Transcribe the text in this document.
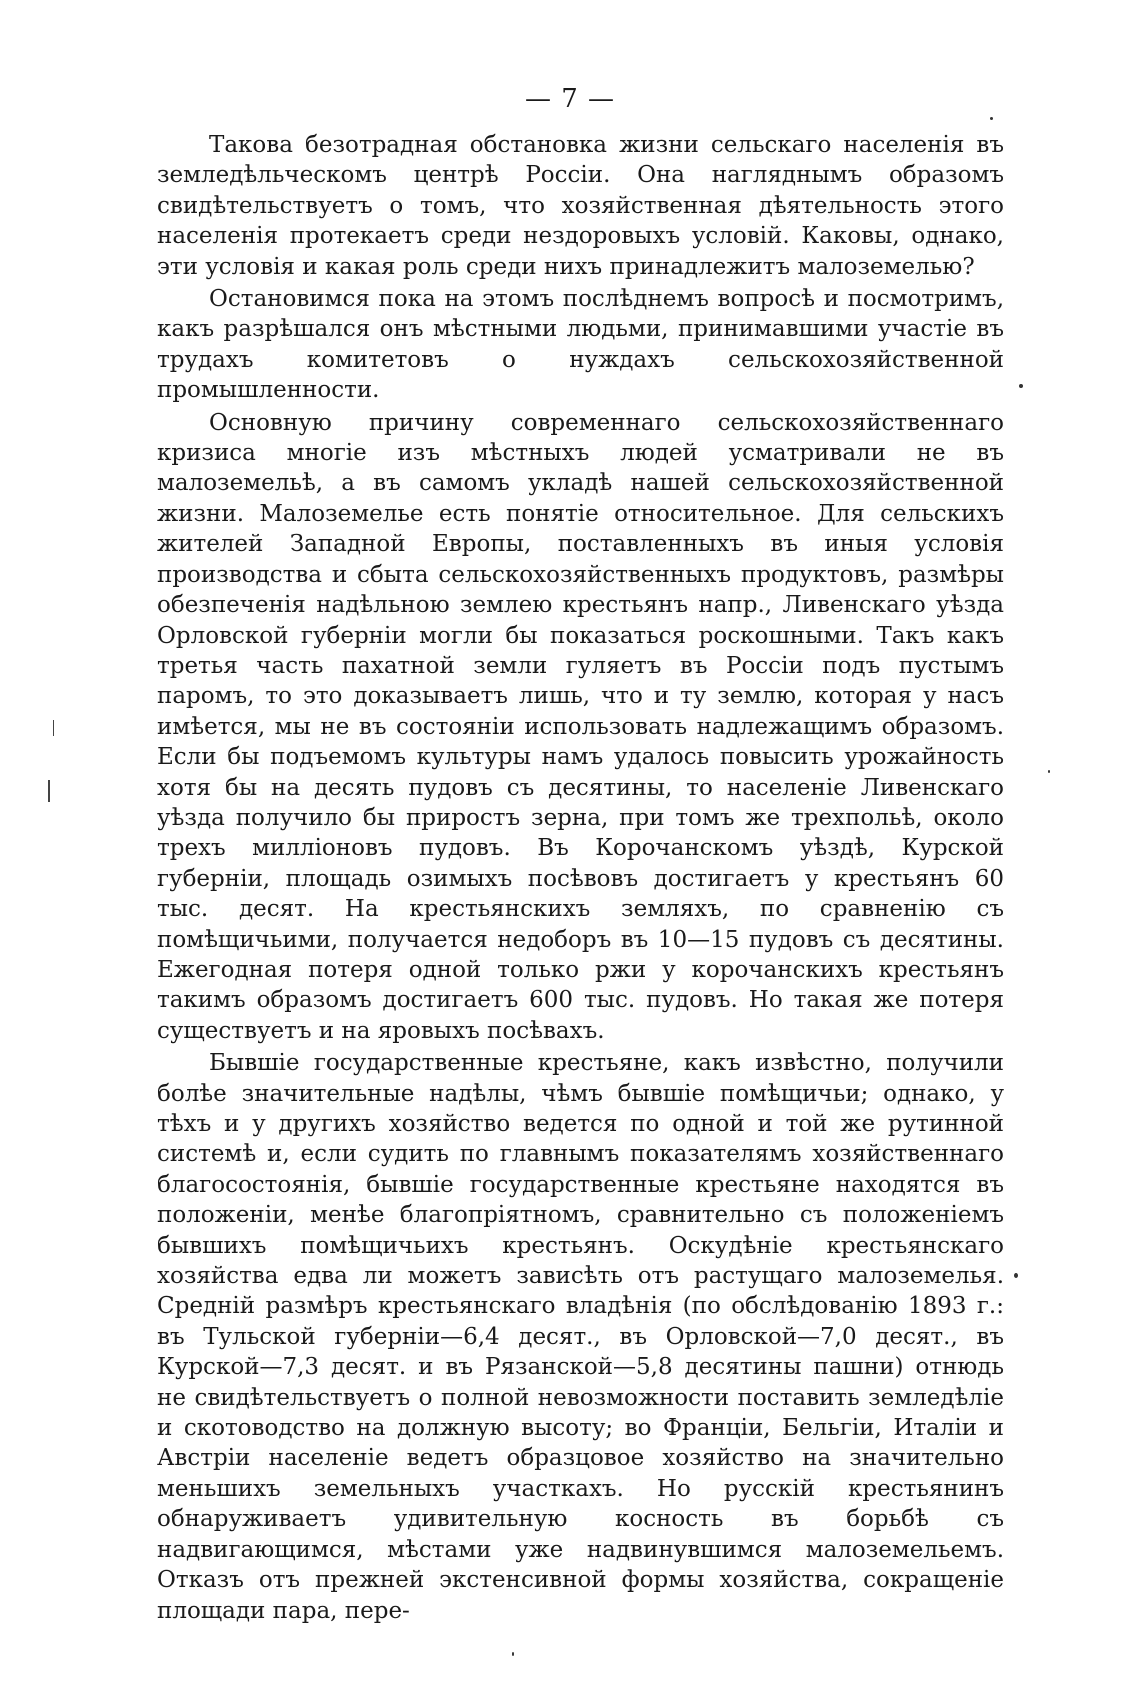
— 7 —

Такова безотрадная обстановка жизни сельскаго населенія въ земледѣльческомъ центрѣ Россіи. Она нагляднымъ образомъ свидѣтельствуетъ о томъ, что хозяйственная дѣятельность этого населенія протекаетъ среди нездоровыхъ условій. Каковы, однако, эти условія и какая роль среди нихъ принадлежитъ малоземелью?

Остановимся пока на этомъ послѣднемъ вопросѣ и посмотримъ, какъ разрѣшался онъ мѣстными людьми, принимавшими участіе въ трудахъ комитетовъ о нуждахъ сельскохозяйственной промышленности.

Основную причину современнаго сельскохозяйственнаго кризиса многіе изъ мѣстныхъ людей усматривали не въ малоземельѣ, а въ самомъ укладѣ нашей сельскохозяйственной жизни. Малоземелье есть понятіе относительное. Для сельскихъ жителей Западной Европы, поставленныхъ въ иныя условія производства и сбыта сельскохозяйственныхъ продуктовъ, размѣры обезпеченія надѣльною землею крестьянъ напр., Ливенскаго уѣзда Орловской губерніи могли бы показаться роскошными. Такъ какъ третья часть пахатной земли гуляетъ въ Россіи подъ пустымъ паромъ, то это доказываетъ лишь, что и ту землю, которая у насъ имѣется, мы не въ состояніи использовать надлежащимъ образомъ. Если бы подъемомъ культуры намъ удалось повысить урожайность хотя бы на десять пудовъ съ десятины, то населеніе Ливенскаго уѣзда получило бы приростъ зерна, при томъ же трехпольѣ, около трехъ милліоновъ пудовъ. Въ Корочанскомъ уѣздѣ, Курской губерніи, площадь озимыхъ посѣвовъ достигаетъ у крестьянъ 60 тыс. десят. На крестьянскихъ земляхъ, по сравненію съ помѣщичьими, получается недоборъ въ 10—15 пудовъ съ десятины. Ежегодная потеря одной только ржи у корочанскихъ крестьянъ такимъ образомъ достигаетъ 600 тыс. пудовъ. Но такая же потеря существуетъ и на яровыхъ посѣвахъ.

Бывшіе государственные крестьяне, какъ извѣстно, получили болѣе значительные надѣлы, чѣмъ бывшіе помѣщичьи; однако, у тѣхъ и у другихъ хозяйство ведется по одной и той же рутинной системѣ и, если судить по главнымъ показателямъ хозяйственнаго благосостоянія, бывшіе государственные крестьяне находятся въ положеніи, менѣе благопріятномъ, сравнительно съ положеніемъ бывшихъ помѣщичьихъ крестьянъ. Оскудѣніе крестьянскаго хозяйства едва ли можетъ зависѣть отъ растущаго малоземелья. Средній размѣръ крестьянскаго владѣнія (по обслѣдованію 1893 г.: въ Тульской губерніи—6,4 десят., въ Орловской—7,0 десят., въ Курской—7,3 десят. и въ Рязанской—5,8 десятины пашни) отнюдь не свидѣтельствуетъ о полной невозможности поставить земледѣліе и скотоводство на должную высоту; во Франціи, Бельгіи, Италіи и Австріи населеніе ведетъ образцовое хозяйство на значительно меньшихъ земельныхъ участкахъ. Но русскій крестьянинъ обнаруживаетъ удивительную косность въ борьбѣ съ надвигающимся, мѣстами уже надвинувшимся малоземельемъ. Отказъ отъ прежней экстенсивной формы хозяйства, сокращеніе площади пара, пере-
